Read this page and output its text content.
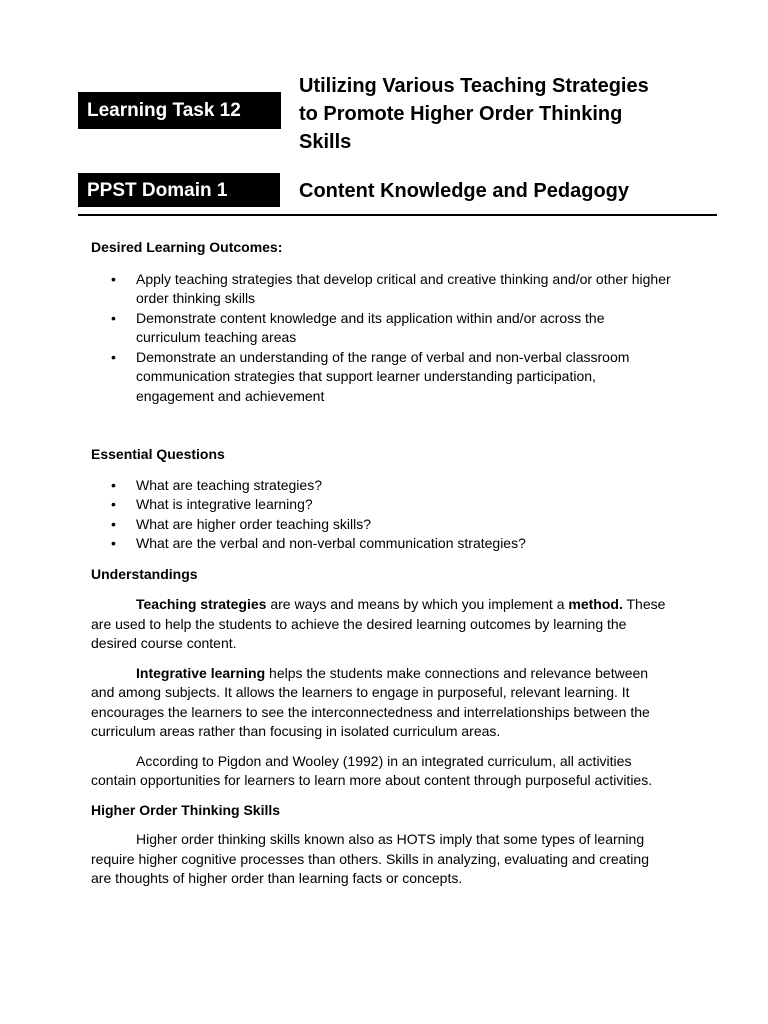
Learning Task 12
Utilizing Various Teaching Strategies
to Promote Higher Order Thinking
Skills
PPST Domain 1	Content Knowledge and Pedagogy

Desired Learning Outcomes:

• Apply teaching strategies that develop critical and creative thinking and/or other higher order thinking skills
• Demonstrate content knowledge and its application within and/or across the curriculum teaching areas
• Demonstrate an understanding of the range of verbal and non-verbal classroom communication strategies that support learner understanding participation, engagement and achievement

Essential Questions

• What are teaching strategies?
• What is integrative learning?
• What are higher order teaching skills?
• What are the verbal and non-verbal communication strategies?

Understandings

Teaching strategies are ways and means by which you implement a method. These are used to help the students to achieve the desired learning outcomes by learning the desired course content.

Integrative learning helps the students make connections and relevance between and among subjects. It allows the learners to engage in purposeful, relevant learning. It encourages the learners to see the interconnectedness and interrelationships between the curriculum areas rather than focusing in isolated curriculum areas.

According to Pigdon and Wooley (1992) in an integrated curriculum, all activities contain opportunities for learners to learn more about content through purposeful activities.

Higher Order Thinking Skills

Higher order thinking skills known also as HOTS imply that some types of learning require higher cognitive processes than others. Skills in analyzing, evaluating and creating are thoughts of higher order than learning facts or concepts.
